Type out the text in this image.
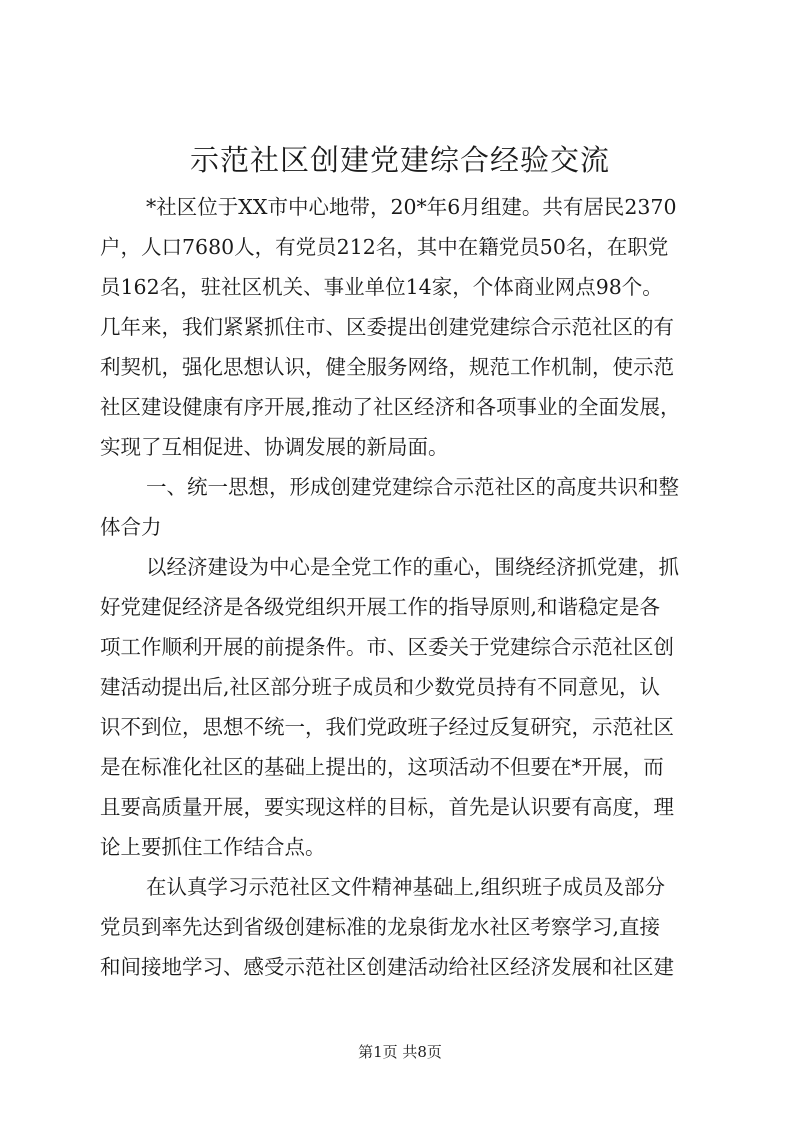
示范社区创建党建综合经验交流
*社区位于XX市中心地带，20*年6月组建。共有居民2370
户，人口7680人，有党员212名，其中在籍党员50名，在职党
员162名，驻社区机关、事业单位14家，个体商业网点98个。
几年来，我们紧紧抓住市、区委提出创建党建综合示范社区的有
利契机，强化思想认识，健全服务网络，规范工作机制，使示范
社区建设健康有序开展,推动了社区经济和各项事业的全面发展，
实现了互相促进、协调发展的新局面。
一、统一思想，形成创建党建综合示范社区的高度共识和整
体合力
以经济建设为中心是全党工作的重心，围绕经济抓党建，抓
好党建促经济是各级党组织开展工作的指导原则,和谐稳定是各
项工作顺利开展的前提条件。市、区委关于党建综合示范社区创
建活动提出后,社区部分班子成员和少数党员持有不同意见，认
识不到位，思想不统一，我们党政班子经过反复研究，示范社区
是在标准化社区的基础上提出的，这项活动不但要在*开展，而
且要高质量开展，要实现这样的目标，首先是认识要有高度，理
论上要抓住工作结合点。
在认真学习示范社区文件精神基础上,组织班子成员及部分
党员到率先达到省级创建标准的龙泉街龙水社区考察学习,直接
和间接地学习、感受示范社区创建活动给社区经济发展和社区建
第1页 共8页
